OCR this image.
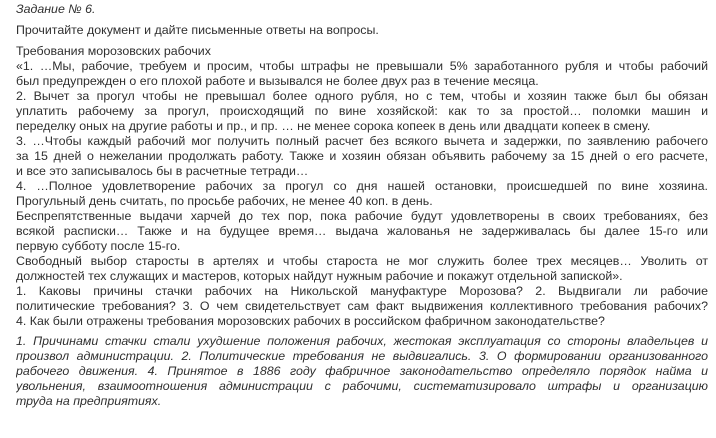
Задание № 6.
Прочитайте документ и дайте письменные ответы на вопросы.
Требования морозовских рабочих
«1. …Мы, рабочие, требуем и просим, чтобы штрафы не превышали 5% заработанного рубля и чтобы рабочий
был предупрежден о его плохой работе и вызывался не более двух раз в течение месяца.
2. Вычет за прогул чтобы не превышал более одного рубля, но с тем, чтобы и хозяин также был бы обязан
уплатить рабочему за прогул, происходящий по вине хозяйской: как то за простой… поломки машин и
переделку оных на другие работы и пр., и пр. … не менее сорока копеек в день или двадцати копеек в смену.
3. …Чтобы каждый рабочий мог получить полный расчет без всякого вычета и задержки, по заявлению рабочего
за 15 дней о нежелании продолжать работу. Также и хозяин обязан объявить рабочему за 15 дней о его расчете,
и все это записывалось бы в расчетные тетради…
4. …Полное удовлетворение рабочих за прогул со дня нашей остановки, происшедшей по вине хозяина.
Прогульный день считать, по просьбе рабочих, не менее 40 коп. в день.
Беспрепятственные выдачи харчей до тех пор, пока рабочие будут удовлетворены в своих требованиях, без
всякой расписки… Также и на будущее время… выдача жалованья не задерживалась бы далее 15-го или
первую субботу после 15-го.
Свободный выбор старосты в артелях и чтобы староста не мог служить более трех месяцев… Уволить от
должностей тех служащих и мастеров, которых найдут нужным рабочие и покажут отдельной запиской».
1. Каковы причины стачки рабочих на Никольской мануфактуре Морозова? 2. Выдвигали ли рабочие
политические требования? 3. О чем свидетельствует сам факт выдвижения коллективного требования рабочих?
4. Как были отражены требования морозовских рабочих в российском фабричном законодательстве?
1. Причинами стачки стали ухудшение положения рабочих, жестокая эксплуатация со стороны владельцев и
произвол администрации. 2. Политические требования не выдвигались. 3. О формировании организованного
рабочего движения. 4. Принятое в 1886 году фабричное законодательство определяло порядок найма и
увольнения, взаимоотношения администрации с рабочими, систематизировало штрафы и организацию
труда на предприятиях.
